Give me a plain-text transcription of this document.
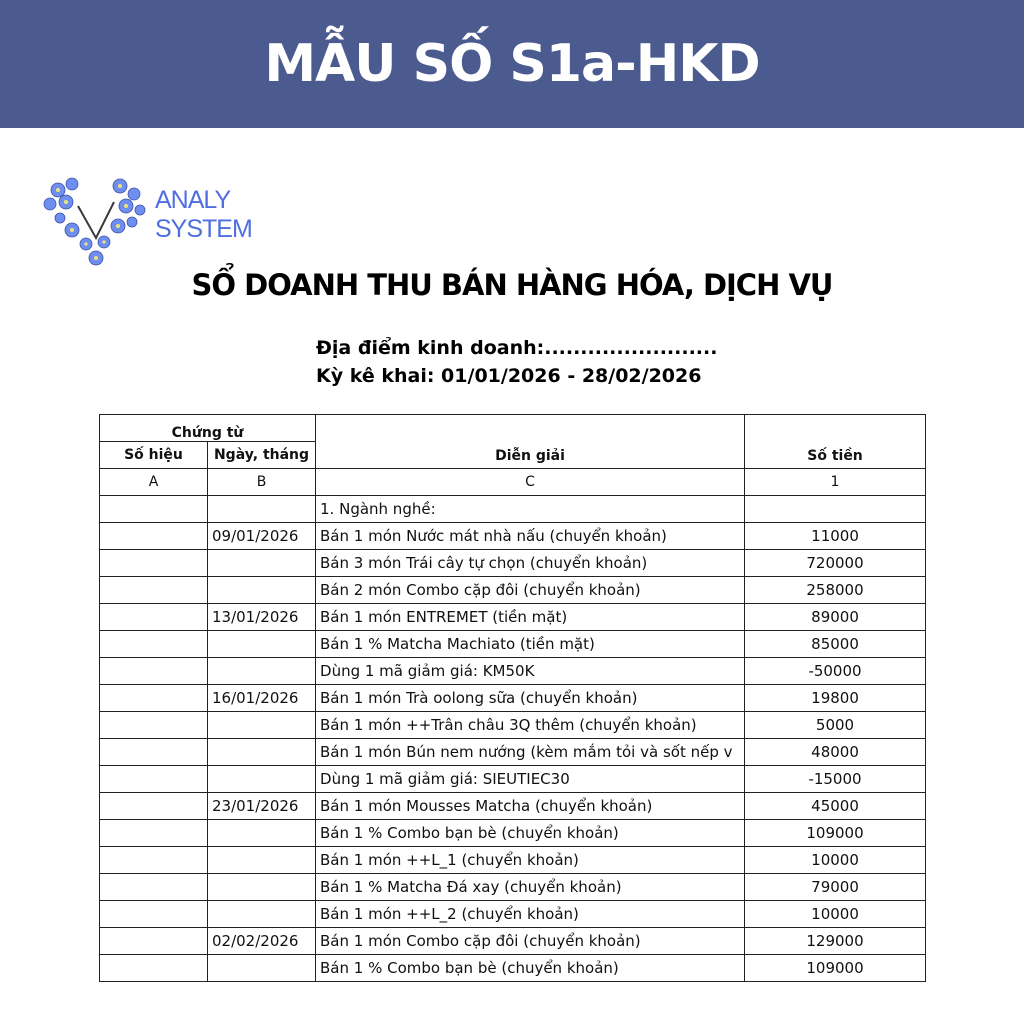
MẪU SỐ S1a-HKD
ANALY
SYSTEM
SỔ DOANH THU BÁN HÀNG HÓA, DỊCH VỤ
Địa điểm kinh doanh:........................
Kỳ kê khai: 01/01/2026 - 28/02/2026
Chứng từ		Diễn giải	Số tiền
Số hiệu	Ngày, tháng		
A	B	C	1
		1. Ngành nghề:	
	09/01/2026	Bán 1 món Nước mát nhà nấu (chuyển khoản)	11000
		Bán 3 món Trái cây tự chọn (chuyển khoản)	720000
		Bán 2 món Combo cặp đôi (chuyển khoản)	258000
	13/01/2026	Bán 1 món ENTREMET (tiền mặt)	89000
		Bán 1 % Matcha Machiato (tiền mặt)	85000
		Dùng 1 mã giảm giá: KM50K	-50000
	16/01/2026	Bán 1 món Trà oolong sữa (chuyển khoản)	19800
		Bán 1 món ++Trân châu 3Q thêm (chuyển khoản)	5000
		Bán 1 món Bún nem nướng (kèm mắm tỏi và sốt nếp v	48000
		Dùng 1 mã giảm giá: SIEUTIEC30	-15000
	23/01/2026	Bán 1 món Mousses Matcha (chuyển khoản)	45000
		Bán 1 % Combo bạn bè (chuyển khoản)	109000
		Bán 1 món ++L_1 (chuyển khoản)	10000
		Bán 1 % Matcha Đá xay (chuyển khoản)	79000
		Bán 1 món ++L_2 (chuyển khoản)	10000
	02/02/2026	Bán 1 món Combo cặp đôi (chuyển khoản)	129000
		Bán 1 % Combo bạn bè (chuyển khoản)	109000
